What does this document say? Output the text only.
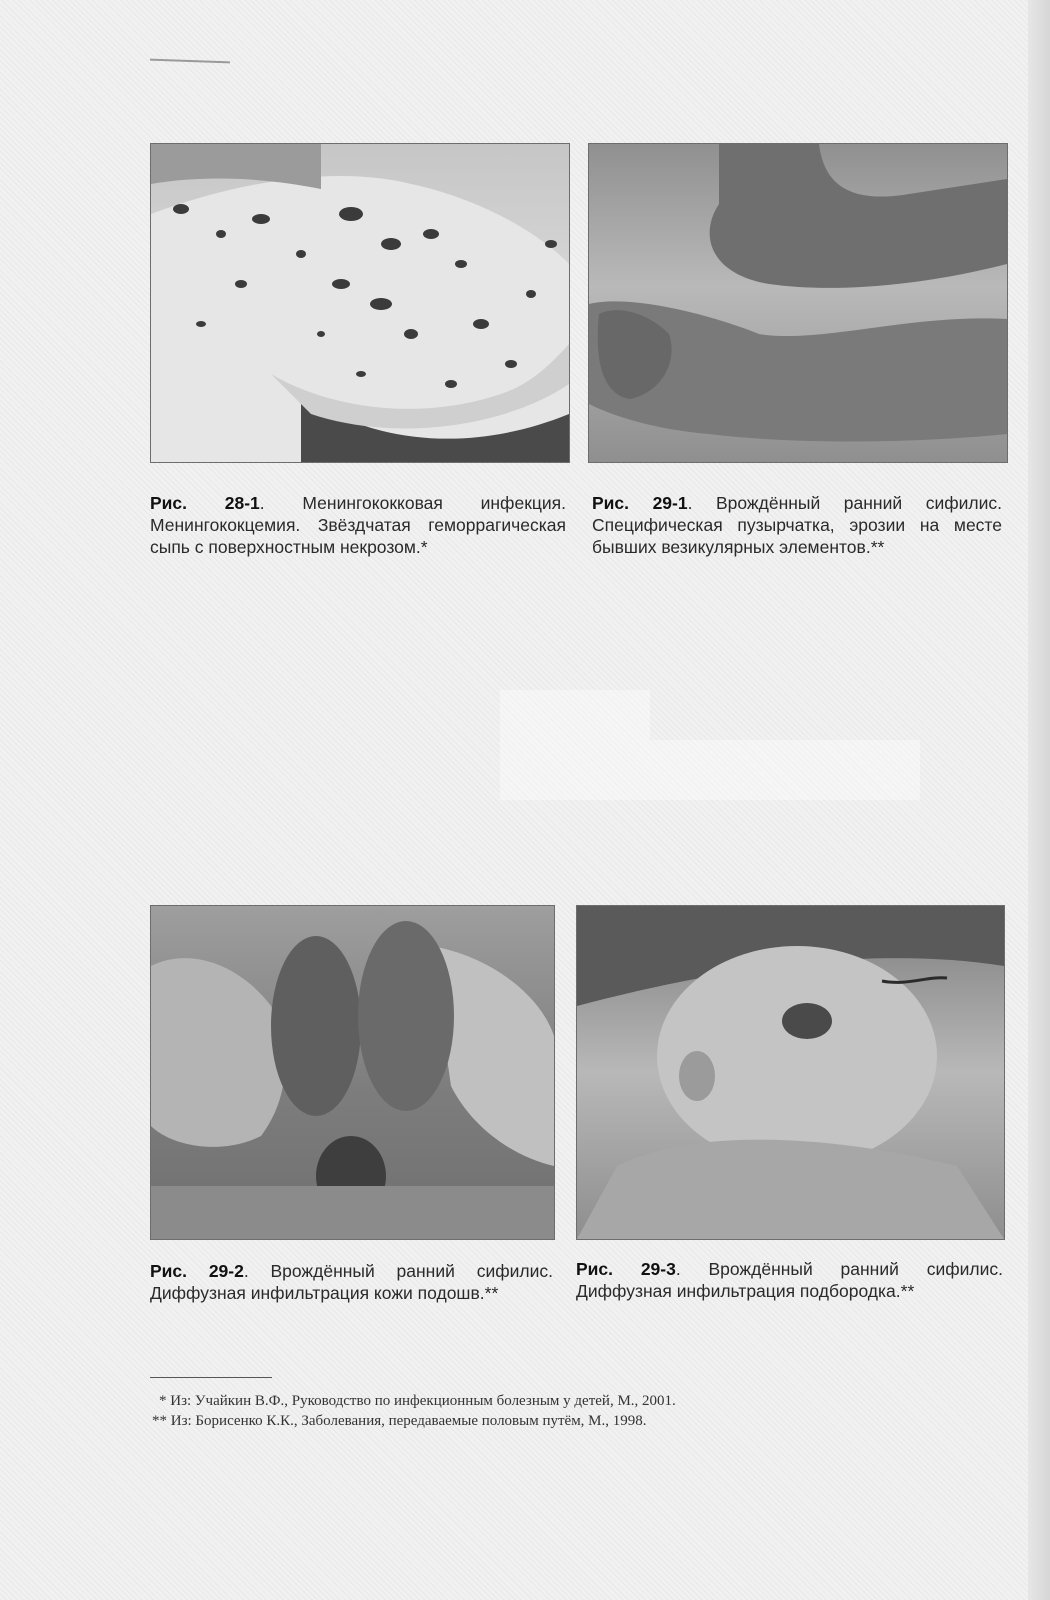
Рис. 28-1. Менингококковая инфекция. Менингококцемия. Звёздчатая геморрагическая сыпь с поверхностным некрозом.*

Рис. 29-1. Врождённый ранний сифилис. Специфическая пузырчатка, эрозии на месте бывших везикулярных элементов.**

Рис. 29-2. Врождённый ранний сифилис. Диффузная инфильтрация кожи подошв.**

Рис. 29-3. Врождённый ранний сифилис. Диффузная инфильтрация подбородка.**

* Из: Учайкин В.Ф., Руководство по инфекционным болезным у детей, М., 2001.

** Из: Борисенко К.К., Заболевания, передаваемые половым путём, М., 1998.
